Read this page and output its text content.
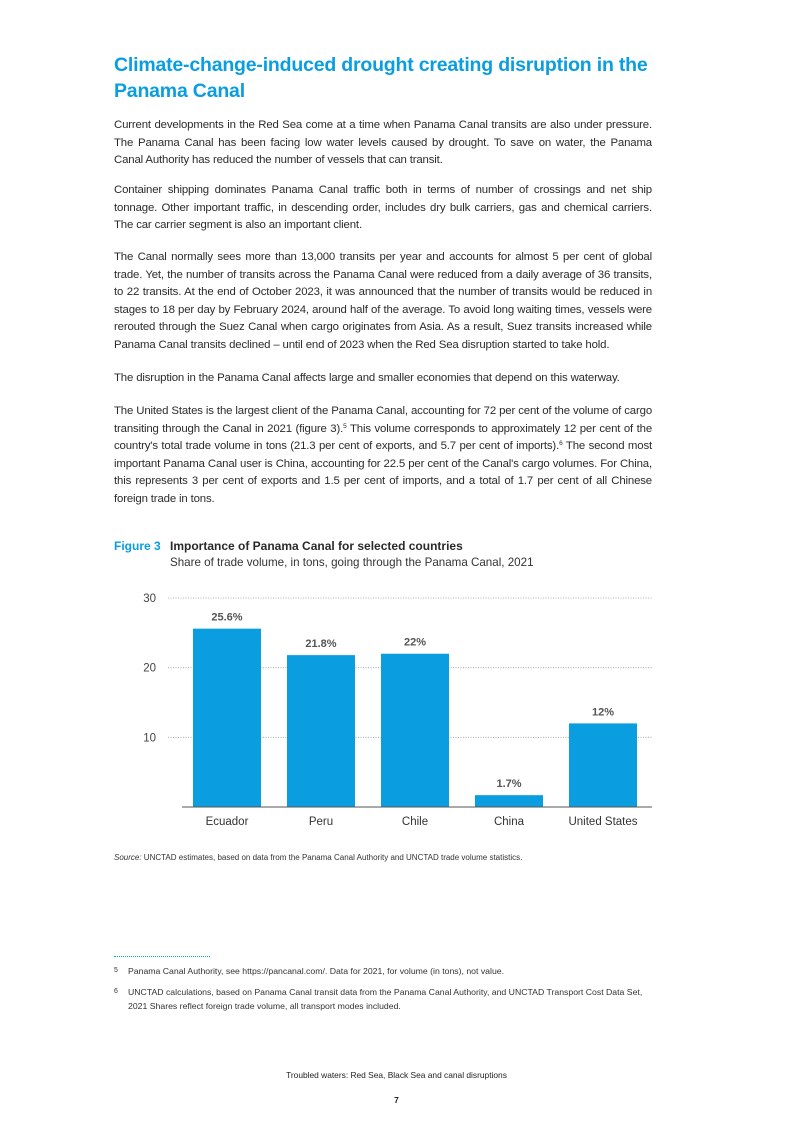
Climate-change-induced drought creating disruption in the Panama Canal

Current developments in the Red Sea come at a time when Panama Canal transits are also under pressure. The Panama Canal has been facing low water levels caused by drought. To save on water, the Panama Canal Authority has reduced the number of vessels that can transit.

Container shipping dominates Panama Canal traffic both in terms of number of crossings and net ship tonnage. Other important traffic, in descending order, includes dry bulk carriers, gas and chemical carriers. The car carrier segment is also an important client.

The Canal normally sees more than 13,000 transits per year and accounts for almost 5 per cent of global trade. Yet, the number of transits across the Panama Canal were reduced from a daily average of 36 transits, to 22 transits. At the end of October 2023, it was announced that the number of transits would be reduced in stages to 18 per day by February 2024, around half of the average. To avoid long waiting times, vessels were rerouted through the Suez Canal when cargo originates from Asia. As a result, Suez transits increased while Panama Canal transits declined – until end of 2023 when the Red Sea disruption started to take hold.

The disruption in the Panama Canal affects large and smaller economies that depend on this waterway.

The United States is the largest client of the Panama Canal, accounting for 72 per cent of the volume of cargo transiting through the Canal in 2021 (figure 3).$^5$ This volume corresponds to approximately 12 per cent of the country's total trade volume in tons (21.3 per cent of exports, and 5.7 per cent of imports).$^6$ The second most important Panama Canal user is China, accounting for 22.5 per cent of the Canal's cargo volumes. For China, this represents 3 per cent of exports and 1.5 per cent of imports, and a total of 1.7 per cent of all Chinese foreign trade in tons.

Figure 3 Importance of Panama Canal for selected countries
Share of trade volume, in tons, going through the Panama Canal, 2021
10
20
30
25.6%
21.8%	22%
1.7%
12%
Ecuador	Peru	Chile	China	United States
Source: UNCTAD estimates, based on data from the Panama Canal Authority and UNCTAD trade volume statistics.
5 Panama Canal Authority, see https://pancanal.com/. Data for 2021, for volume (in tons), not value.
6 UNCTAD calculations, based on Panama Canal transit data from the Panama Canal Authority, and UNCTAD Transport Cost Data Set, 2021 Shares reflect foreign trade volume, all transport modes included.
Troubled waters: Red Sea, Black Sea and canal disruptions
7
